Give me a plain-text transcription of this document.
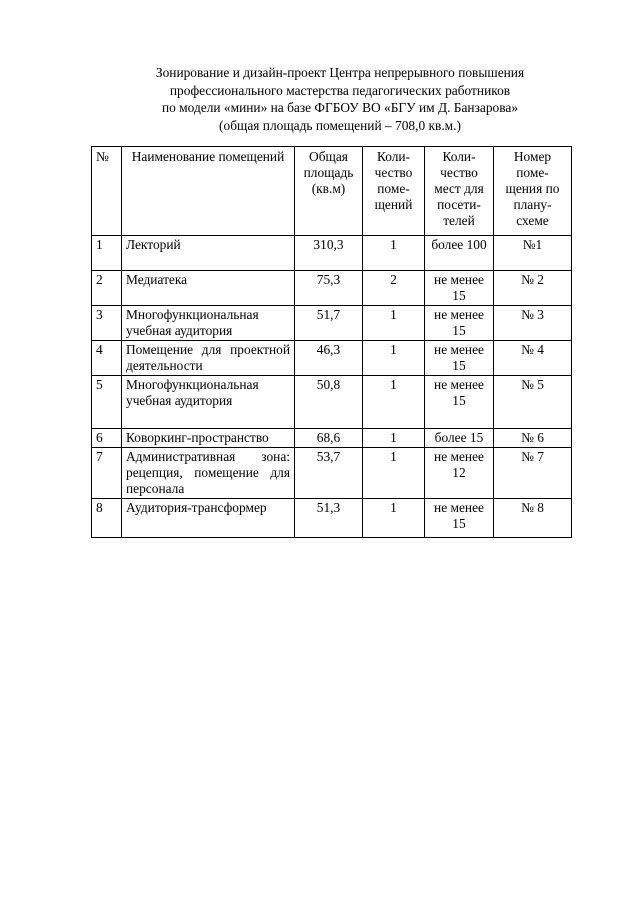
Зонирование и дизайн-проект Центра непрерывного повышения
профессионального мастерства педагогических работников
по модели «мини» на базе ФГБОУ ВО «БГУ им Д. Банзарова»
(общая площадь помещений – 708,0 кв.м.)
№	Наименование помещений	Общая площадь (кв.м)	Коли-чество поме-щений	Коли-чество мест для посети-телей	Номер поме-щения по плану-схеме
1	Лекторий	310,3	1	более 100	№1
2	Медиатека	75,3	2	не менее 15	№ 2
3	Многофункциональная учебная аудитория	51,7	1	не менее 15	№ 3
4	Помещение для проектной деятельности	46,3	1	не менее 15	№ 4
5	Многофункциональная учебная аудитория	50,8	1	не менее 15	№ 5
6	Коворкинг-пространство	68,6	1	более 15	№ 6
7	Административная зона: рецепция, помещение для персонала	53,7	1	не менее 12	№ 7
8	Аудитория-трансформер	51,3	1	не менее 15	№ 8
